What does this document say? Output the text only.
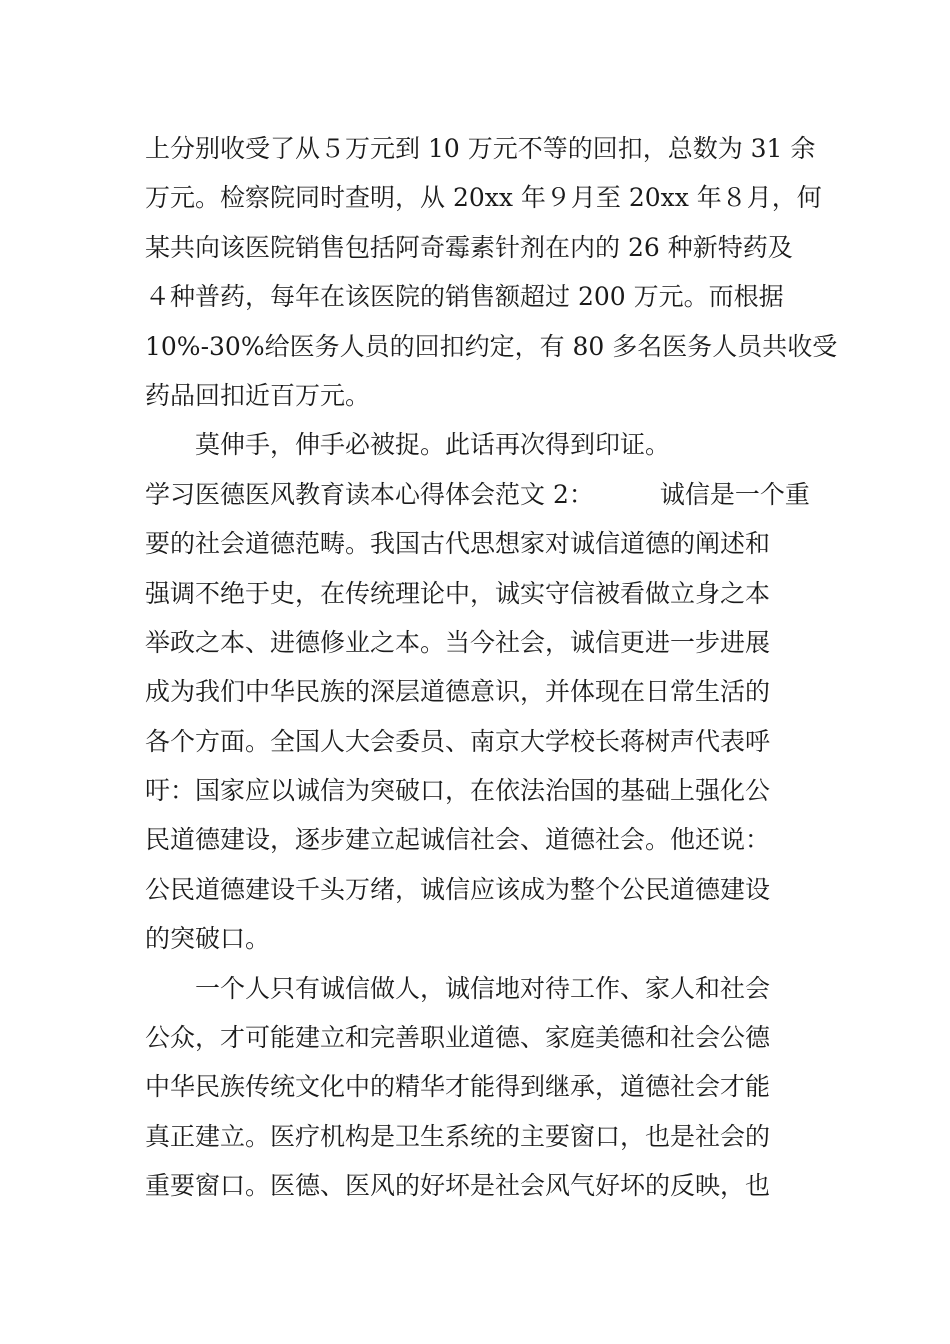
上分别收受了从５万元到 10 万元不等的回扣，总数为 31 余
万元。检察院同时查明，从 20xx 年９月至 20xx 年８月，何
某共向该医院销售包括阿奇霉素针剂在内的 26 种新特药及
４种普药，每年在该医院的销售额超过 200 万元。而根据
10%-30%给医务人员的回扣约定，有 80 多名医务人员共收受
药品回扣近百万元。
莫伸手，伸手必被捉。此话再次得到印证。
学习医德医风教育读本心得体会范文 2：	诚信是一个重
要的社会道德范畴。我国古代思想家对诚信道德的阐述和
强调不绝于史，在传统理论中，诚实守信被看做立身之本
举政之本、进德修业之本。当今社会，诚信更进一步进展
成为我们中华民族的深层道德意识，并体现在日常生活的
各个方面。全国人大会委员、南京大学校长蒋树声代表呼
吁：国家应以诚信为突破口，在依法治国的基础上强化公
民道德建设，逐步建立起诚信社会、道德社会。他还说：
公民道德建设千头万绪，诚信应该成为整个公民道德建设
的突破口。
一个人只有诚信做人，诚信地对待工作、家人和社会
公众，才可能建立和完善职业道德、家庭美德和社会公德
中华民族传统文化中的精华才能得到继承，道德社会才能
真正建立。医疗机构是卫生系统的主要窗口，也是社会的
重要窗口。医德、医风的好坏是社会风气好坏的反映，也
